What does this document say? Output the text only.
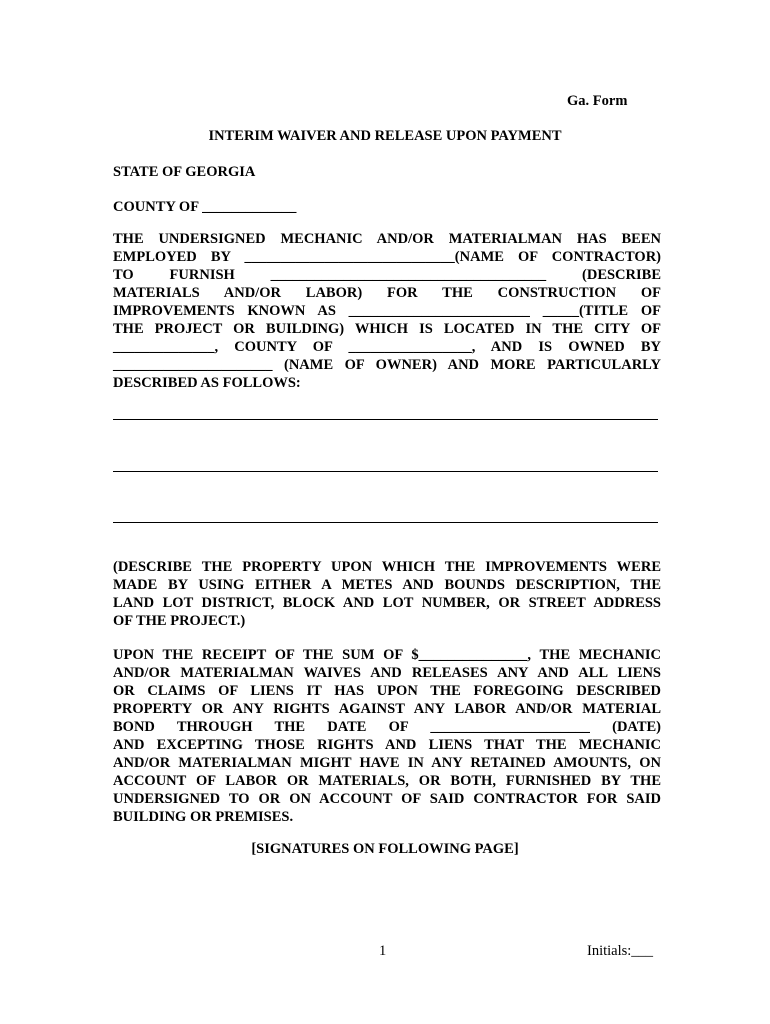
Ga. Form
INTERIM WAIVER AND RELEASE UPON PAYMENT
STATE OF GEORGIA
COUNTY OF _____________
THE UNDERSIGNED MECHANIC AND/OR MATERIALMAN HAS BEEN
EMPLOYED BY _____________________________(NAME OF CONTRACTOR)
TO FURNISH ______________________________________ (DESCRIBE
MATERIALS AND/OR LABOR) FOR THE CONSTRUCTION OF
IMPROVEMENTS KNOWN AS _________________________ _____(TITLE OF
THE PROJECT OR BUILDING) WHICH IS LOCATED IN THE CITY OF
______________, COUNTY OF _________________, AND IS OWNED BY
______________________ (NAME OF OWNER) AND MORE PARTICULARLY
DESCRIBED AS FOLLOWS:
(DESCRIBE THE PROPERTY UPON WHICH THE IMPROVEMENTS WERE
MADE BY USING EITHER A METES AND BOUNDS DESCRIPTION, THE
LAND LOT DISTRICT, BLOCK AND LOT NUMBER, OR STREET ADDRESS
OF THE PROJECT.)
UPON THE RECEIPT OF THE SUM OF $_______________, THE MECHANIC
AND/OR MATERIALMAN WAIVES AND RELEASES ANY AND ALL LIENS
OR CLAIMS OF LIENS IT HAS UPON THE FOREGOING DESCRIBED
PROPERTY OR ANY RIGHTS AGAINST ANY LABOR AND/OR MATERIAL
BOND THROUGH THE DATE OF ______________________ (DATE)
AND EXCEPTING THOSE RIGHTS AND LIENS THAT THE MECHANIC
AND/OR MATERIALMAN MIGHT HAVE IN ANY RETAINED AMOUNTS, ON
ACCOUNT OF LABOR OR MATERIALS, OR BOTH, FURNISHED BY THE
UNDERSIGNED TO OR ON ACCOUNT OF SAID CONTRACTOR FOR SAID
BUILDING OR PREMISES.
[SIGNATURES ON FOLLOWING PAGE]
1	Initials:___
